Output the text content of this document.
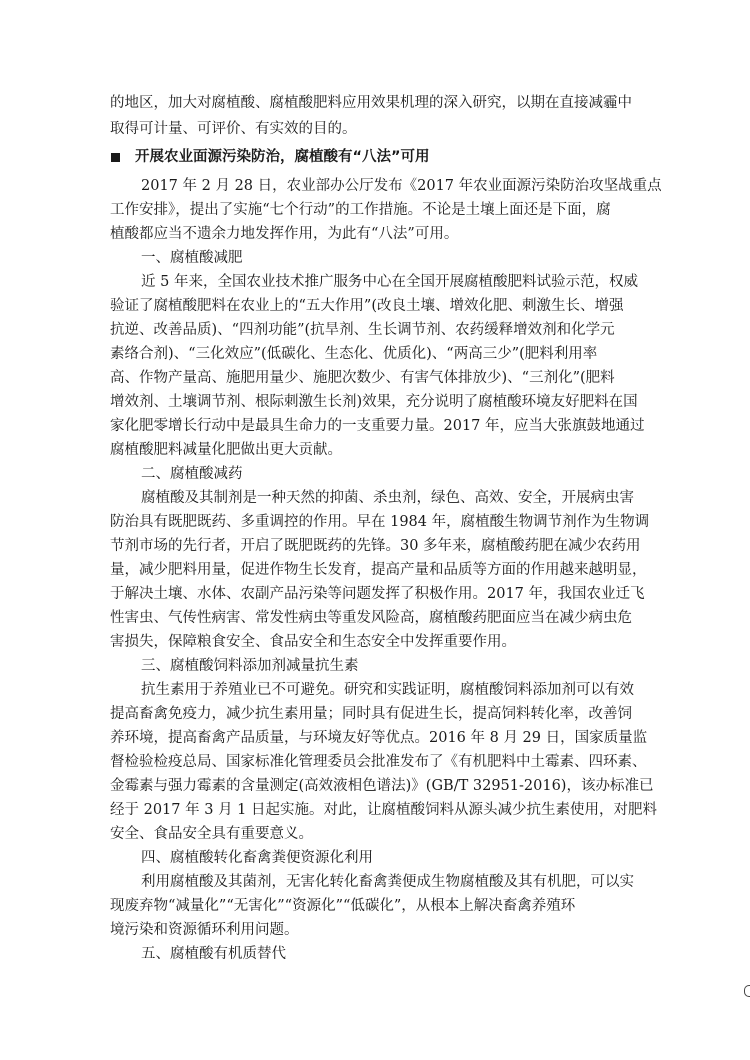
的地区，加大对腐植酸、腐植酸肥料应用效果机理的深入研究，以期在直接减霾中
取得可计量、可评价、有实效的目的。
开展农业面源污染防治，腐植酸有“八法”可用
2017 年 2 月 28 日，农业部办公厅发布《2017 年农业面源污染防治攻坚战重点
工作安排》，提出了实施“七个行动”的工作措施。不论是土壤上面还是下面，腐
植酸都应当不遗余力地发挥作用，为此有“八法”可用。
一、腐植酸减肥
近 5 年来，全国农业技术推广服务中心在全国开展腐植酸肥料试验示范，权威
验证了腐植酸肥料在农业上的“五大作用”(改良土壤、增效化肥、刺激生长、增强
抗逆、改善品质)、“四剂功能”(抗旱剂、生长调节剂、农药缓释增效剂和化学元
素络合剂)、“三化效应”(低碳化、生态化、优质化)、“两高三少”(肥料利用率
高、作物产量高、施肥用量少、施肥次数少、有害气体排放少)、“三剂化”(肥料
增效剂、土壤调节剂、根际刺激生长剂)效果，充分说明了腐植酸环境友好肥料在国
家化肥零增长行动中是最具生命力的一支重要力量。2017 年，应当大张旗鼓地通过
腐植酸肥料减量化肥做出更大贡献。
二、腐植酸减药
腐植酸及其制剂是一种天然的抑菌、杀虫剂，绿色、高效、安全，开展病虫害
防治具有既肥既药、多重调控的作用。早在 1984 年，腐植酸生物调节剂作为生物调
节剂市场的先行者，开启了既肥既药的先锋。30 多年来，腐植酸药肥在减少农药用
量，减少肥料用量，促进作物生长发育，提高产量和品质等方面的作用越来越明显，
于解决土壤、水体、农副产品污染等问题发挥了积极作用。2017 年，我国农业迁飞
性害虫、气传性病害、常发性病虫等重发风险高，腐植酸药肥面应当在减少病虫危
害损失，保障粮食安全、食品安全和生态安全中发挥重要作用。
三、腐植酸饲料添加剂减量抗生素
抗生素用于养殖业已不可避免。研究和实践证明，腐植酸饲料添加剂可以有效
提高畜禽免疫力，减少抗生素用量；同时具有促进生长，提高饲料转化率，改善饲
养环境，提高畜禽产品质量，与环境友好等优点。2016 年 8 月 29 日，国家质量监
督检验检疫总局、国家标准化管理委员会批准发布了《有机肥料中土霉素、四环素、
金霉素与强力霉素的含量测定(高效液相色谱法)》(GB/T 32951-2016)，该办标准已
经于 2017 年 3 月 1 日起实施。对此，让腐植酸饲料从源头减少抗生素使用，对肥料
安全、食品安全具有重要意义。
四、腐植酸转化畜禽粪便资源化利用
利用腐植酸及其菌剂，无害化转化畜禽粪便成生物腐植酸及其有机肥，可以实
现废弃物“减量化”“无害化”“资源化”“低碳化”，从根本上解决畜禽养殖环
境污染和资源循环利用问题。
五、腐植酸有机质替代
